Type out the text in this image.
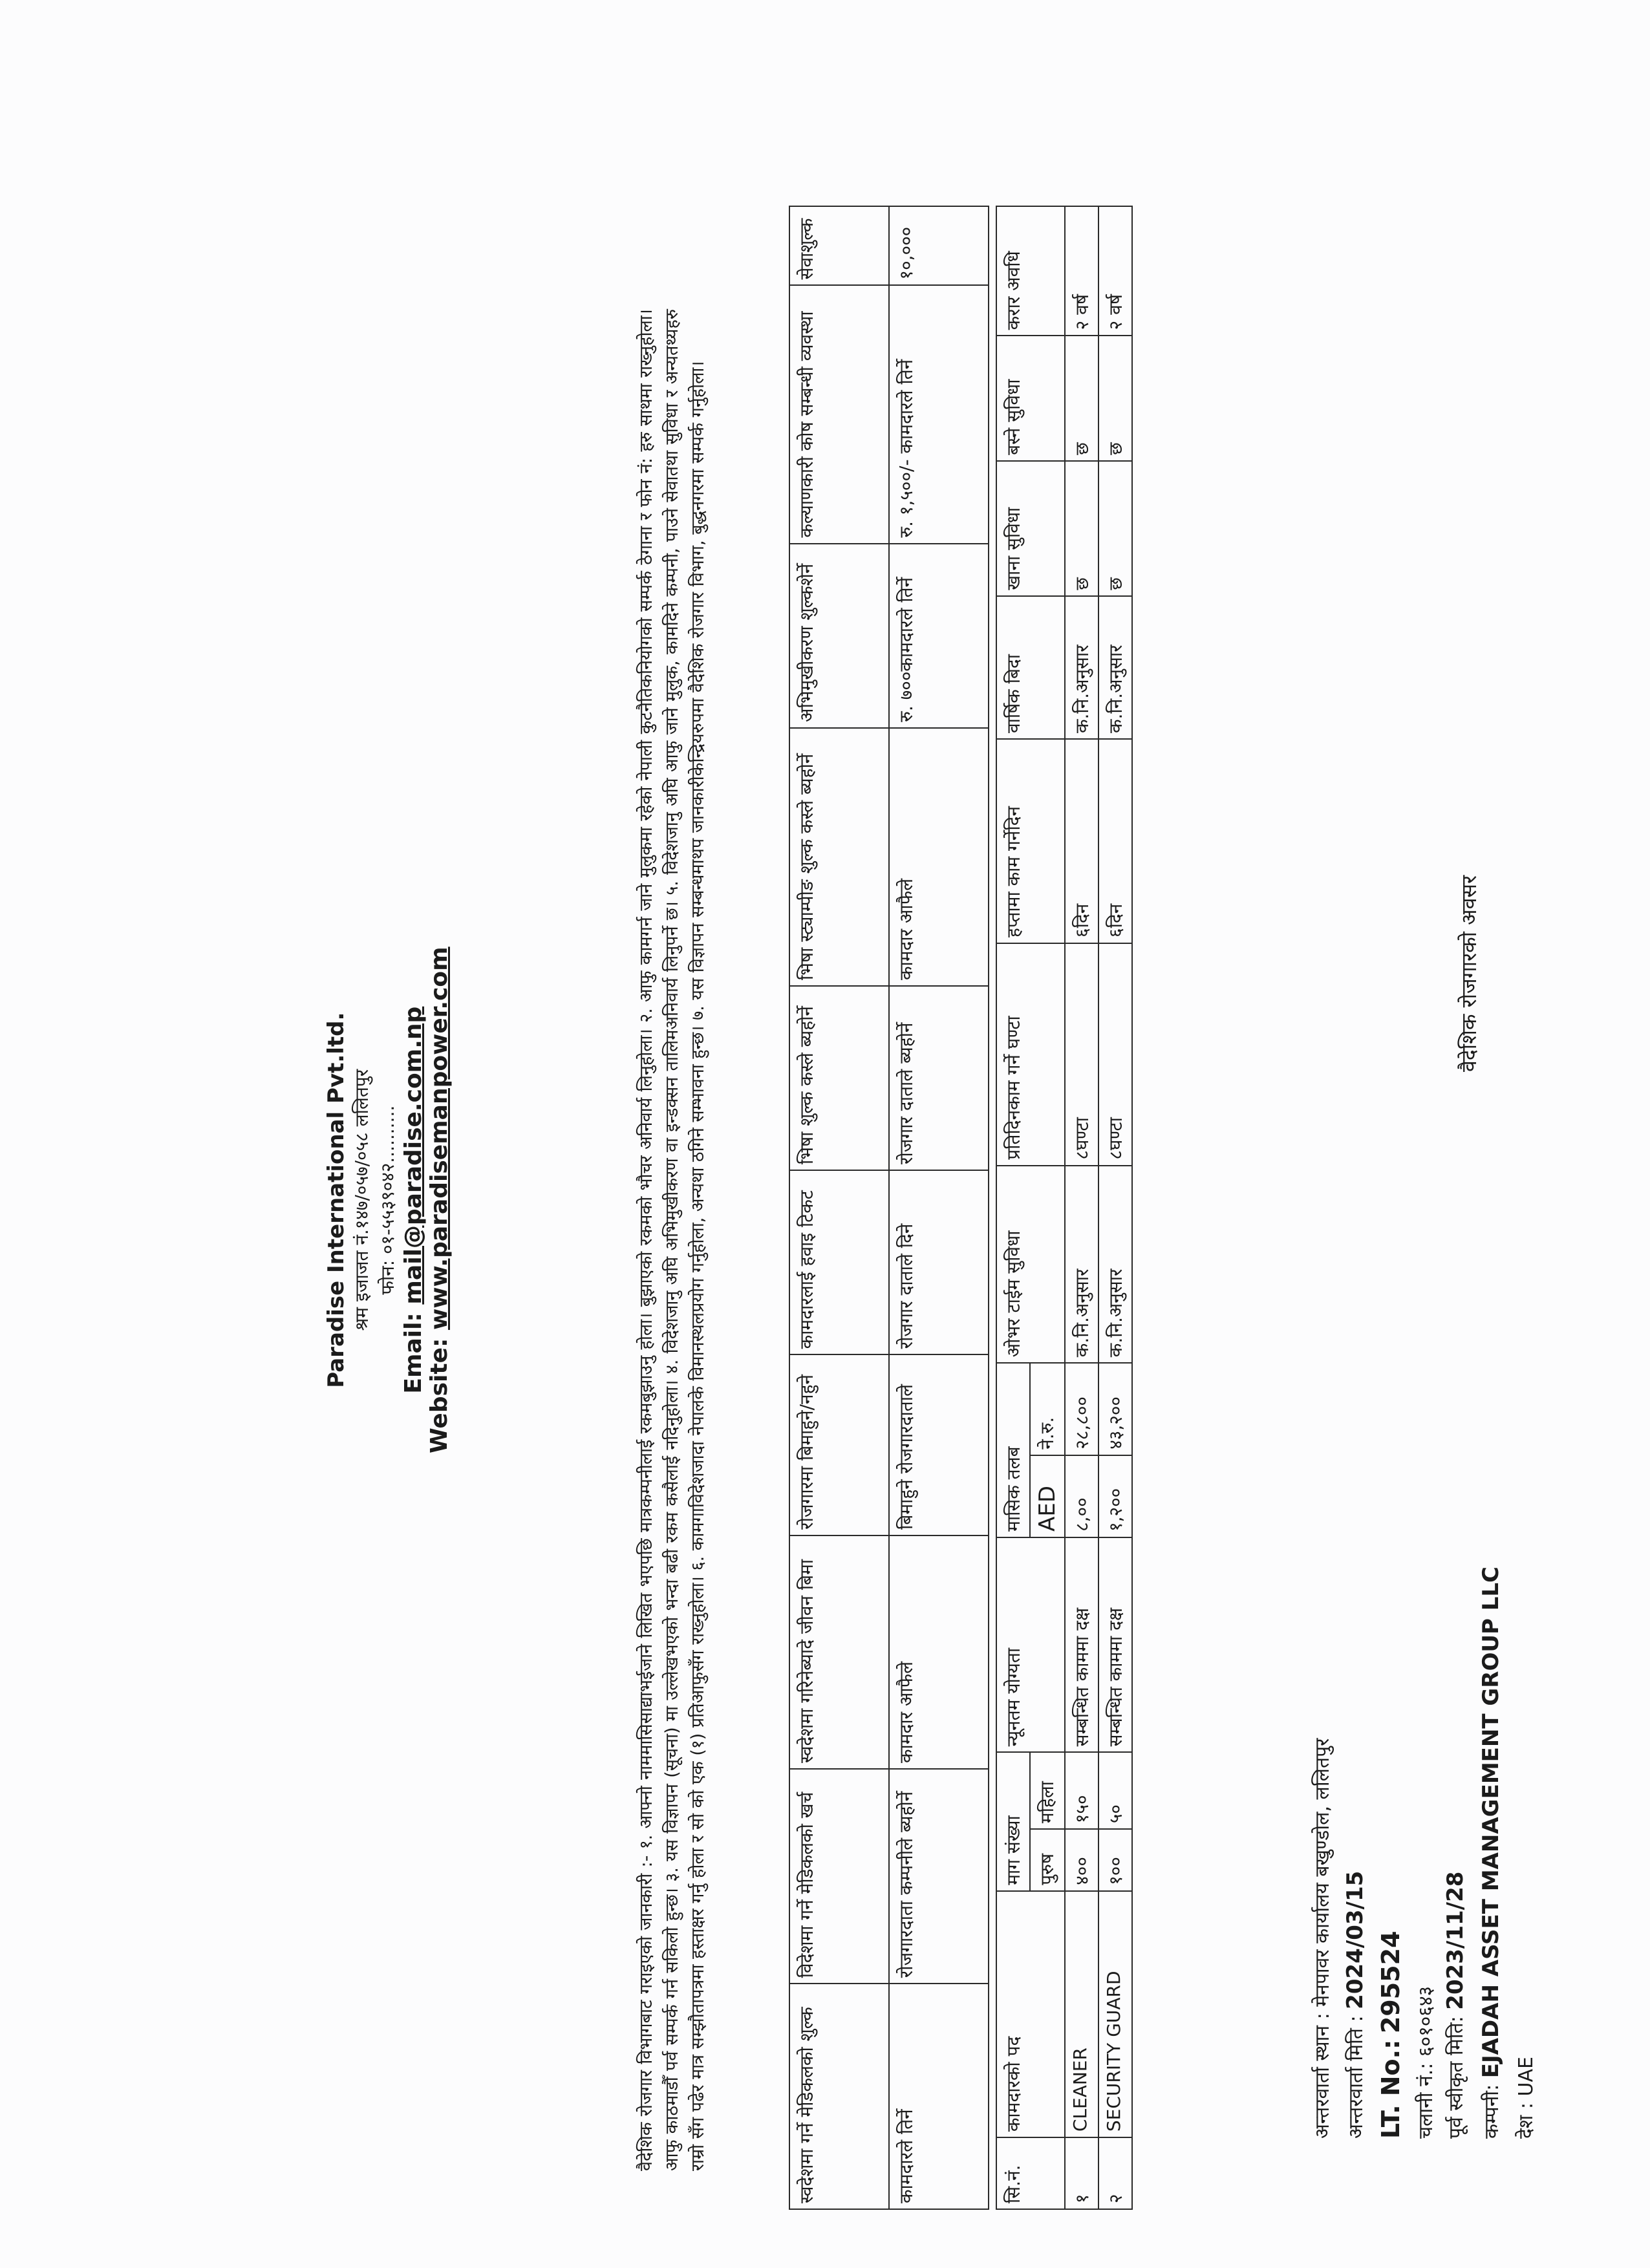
वैदेशिक रोजगारको अवसर
देश : UAE
कम्पनी: EJADAH ASSET MANAGEMENT GROUP LLC
पूर्व स्वीकृत मिति: 2023/11/28
चलानी नं.: ६०१०६४३
LT. No.: 295524
अन्तरवार्ता मिति : 2024/03/15
अन्तरवार्ता स्थान : मेनपावर कार्यालय बखुण्डोल, ललितपुर
सि.नं.	कामदारको पद	माग संख्या		न्यूनतम योग्यता	मासिक तलब		ओभर टाईम सुविधा	प्रतिदिनकाम गर्ने घण्टा	हप्तामा काम गर्नेदिन	वार्षिक बिदा	खाना सुविधा	बस्ने सुविधा	करार अवधि
		पुरुष	महिला		AED	ने.रु.							
१	CLEANER	४००	१५०	सम्बन्धित काममा दक्ष	८,००	२८,८००	क.नि.अनुसार	८घण्टा	६दिन	क.नि.अनुसार	छ	छ	२ वर्ष
२	SECURITY GUARD	१००	५०	सम्बन्धित काममा दक्ष	१,२००	४३,२००	क.नि.अनुसार	८घण्टा	६दिन	क.नि.अनुसार	छ	छ	२ वर्ष
स्वदेशमा गर्ने मेडिकलको शुल्क	विदेशमा गर्ने मेडिकलको खर्च	स्वदेशमा गरिनेब्यादे जीवन बिमा	रोजगारमा बिमाहुने/नहुने	कामदारलाई हवाइ टिकट	भिषा शुल्क कस्ले ब्यहोर्ने	भिषा स्ट्याम्पीङ शुल्क कस्ले ब्यहोर्ने	अभिमुखीकरण शुल्कशेर्ने	कल्याणकारी कोष सम्बन्धी व्यवस्था	सेवाशुल्क
कामदारले तिर्ने	रोजगारदाता कम्पनीले ब्यहोर्ने	कामदार आफैले	बिमाहुने रोजगारदाताले	रोजगार दाताले दिने	रोजगार दाताले ब्यहोर्ने	कामदार आफैले	रु. ७००कामदारले तिर्ने	रु. १,५००/- कामदारले तिर्ने	१०,०००
वैदेशिक रोजगार विभागबाट गराइएको जानकारी :- १. आफ्नो नाममासिसाद्याभईजाने लिखित भएपछि मात्रकम्पनीलाई रकमबुझाउनु होला। बुझाएको रकमको भौचर अनिवार्य लिनुहोला। २. आफु कामगर्न जाने मुलुकमा रहेको नेपाली कुटनैतिकनियोगको सम्पर्क ठेगाना र फोन नं: हरु साथमा राख्नुहोला। आफु काठमाडौँ पर्व सम्पर्क गर्न सकिलो हुन्छ। ३. यस विज्ञापन (सूचना) मा उल्लेखभएको भन्दा बढी रकम कसैलाई नदिनुहोला। ४. विदेशजानु अघि अभिमुखीकरण वा इन्डक्सन तालिमअनिवार्य लिनुपर्ने छ। ५. विदेशजानु अघि आफु जाने मुलुक, कामदिने कम्पनी, पाउने सेवातथा सुविधा र अन्यतथ्यहरु राम्रो सँग पढेर मात्र सम्झौतापत्रमा हस्ताक्षर गर्नु होला र सो को एक (१) प्रतिआफुसँग राख्नुहोला। ६. कामगाविदेशजादा नेपालके विमानस्थलप्रयोग गर्नुहोला, अन्यथा ठगिने सम्भावना हुन्छ। ७. यस विज्ञापन सम्बन्धमाथप जानकारीकेन्द्रियरुपमा वैदेशिक रोजगार विभाग, बुद्धनगरमा सम्पर्क गर्नुहोला।
Paradise International Pvt.ltd. श्रम इजाजत नं.१४७/०५७/०५८ ललितपुर फोन: ०१-५५३९०४२..........
Email: mail@paradise.com.np
Website: www.paradisemanpower.com
